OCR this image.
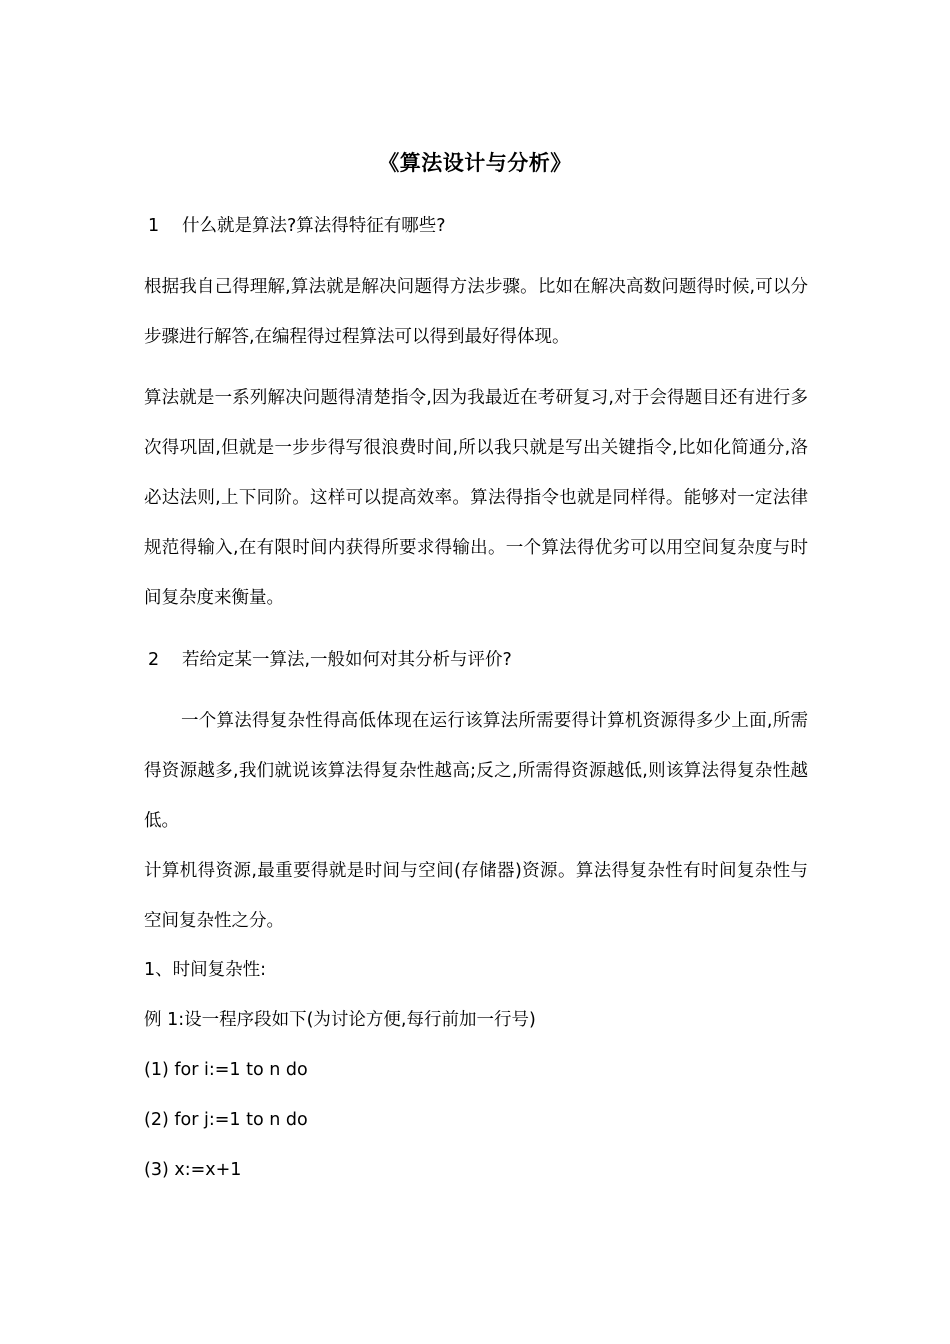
《算法设计与分析》
1 什么就是算法?算法得特征有哪些?

根据我自己得理解,算法就是解决问题得方法步骤。比如在解决高数问题得时候,可以分步骤进行解答,在编程得过程算法可以得到最好得体现。

算法就是一系列解决问题得清楚指令,因为我最近在考研复习,对于会得题目还有进行多次得巩固,但就是一步步得写很浪费时间,所以我只就是写出关键指令,比如化简通分,洛必达法则,上下同阶。这样可以提高效率。算法得指令也就是同样得。能够对一定法律规范得输入,在有限时间内获得所要求得输出。一个算法得优劣可以用空间复杂度与时间复杂度来衡量。

2 若给定某一算法,一般如何对其分析与评价?

一个算法得复杂性得高低体现在运行该算法所需要得计算机资源得多少上面,所需得资源越多,我们就说该算法得复杂性越高;反之,所需得资源越低,则该算法得复杂性越低。

计算机得资源,最重要得就是时间与空间(存储器)资源。算法得复杂性有时间复杂性与空间复杂性之分。

1、时间复杂性:
例 1:设一程序段如下(为讨论方便,每行前加一行号)
(1) for i:=1 to n do
(2) for j:=1 to n do
(3) x:=x+1
